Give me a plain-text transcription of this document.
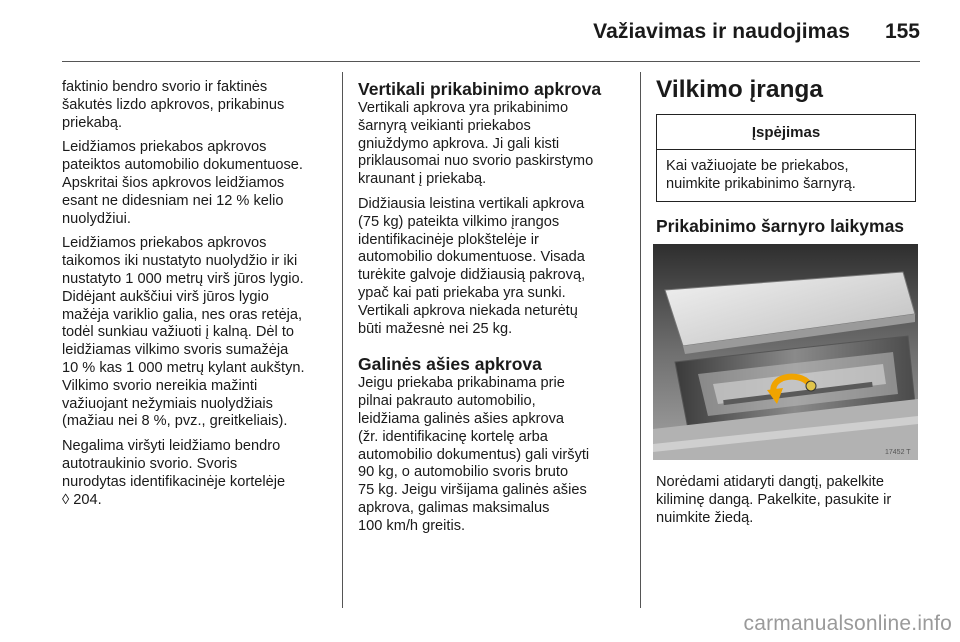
Važiavimas ir naudojimas 155

faktinio bendro svorio ir faktinės
šakutės lizdo apkrovos, prikabinus
priekabą.

Leidžiamos priekabos apkrovos
pateiktos automobilio dokumentuose.
Apskritai šios apkrovos leidžiamos
esant ne didesniam nei 12 % kelio
nuolydžiui.

Leidžiamos priekabos apkrovos
taikomos iki nustatyto nuolydžio ir iki
nustatyto 1 000 metrų virš jūros lygio.
Didėjant aukščiui virš jūros lygio
mažėja variklio galia, nes oras retėja,
todėl sunkiau važiuoti į kalną. Dėl to
leidžiamas vilkimo svoris sumažėja
10 % kas 1 000 metrų kylant aukštyn.
Vilkimo svorio nereikia mažinti
važiuojant nežymiais nuolydžiais
(mažiau nei 8 %, pvz., greitkeliais).

Negalima viršyti leidžiamo bendro
autotraukinio svorio. Svoris
nurodytas identifikacinėje kortelėje

◊ 204.
Vertikali prikabinimo apkrova

Vertikali apkrova yra prikabinimo
šarnyrą veikianti priekabos
gniuždymo apkrova. Ji gali kisti
priklausomai nuo svorio paskirstymo
kraunant į priekabą.

Didžiausia leistina vertikali apkrova
(75 kg) pateikta vilkimo įrangos
identifikacinėje plokštelėje ir
automobilio dokumentuose. Visada
turėkite galvoje didžiausią pakrovą,
ypač kai pati priekaba yra sunki.
Vertikali apkrova niekada neturėtų
būti mažesnė nei 25 kg.

Galinės ašies apkrova

Jeigu priekaba prikabinama prie
pilnai pakrauto automobilio,
leidžiama galinės ašies apkrova
(žr. identifikacinę kortelę arba
automobilio dokumentus) gali viršyti
90 kg, o automobilio svoris bruto
75 kg. Jeigu viršijama galinės ašies
apkrova, galimas maksimalus
100 km/h greitis.

Vilkimo įranga
Įspėjimas
Kai važiuojate be priekabos,
nuimkite prikabinimo šarnyrą.
Prikabinimo šarnyro laikymas
17452 T

Norėdami atidaryti dangtį, pakelkite
kiliminę dangą. Pakelkite, pasukite ir
nuimkite žiedą.

carmanualsonline.info
